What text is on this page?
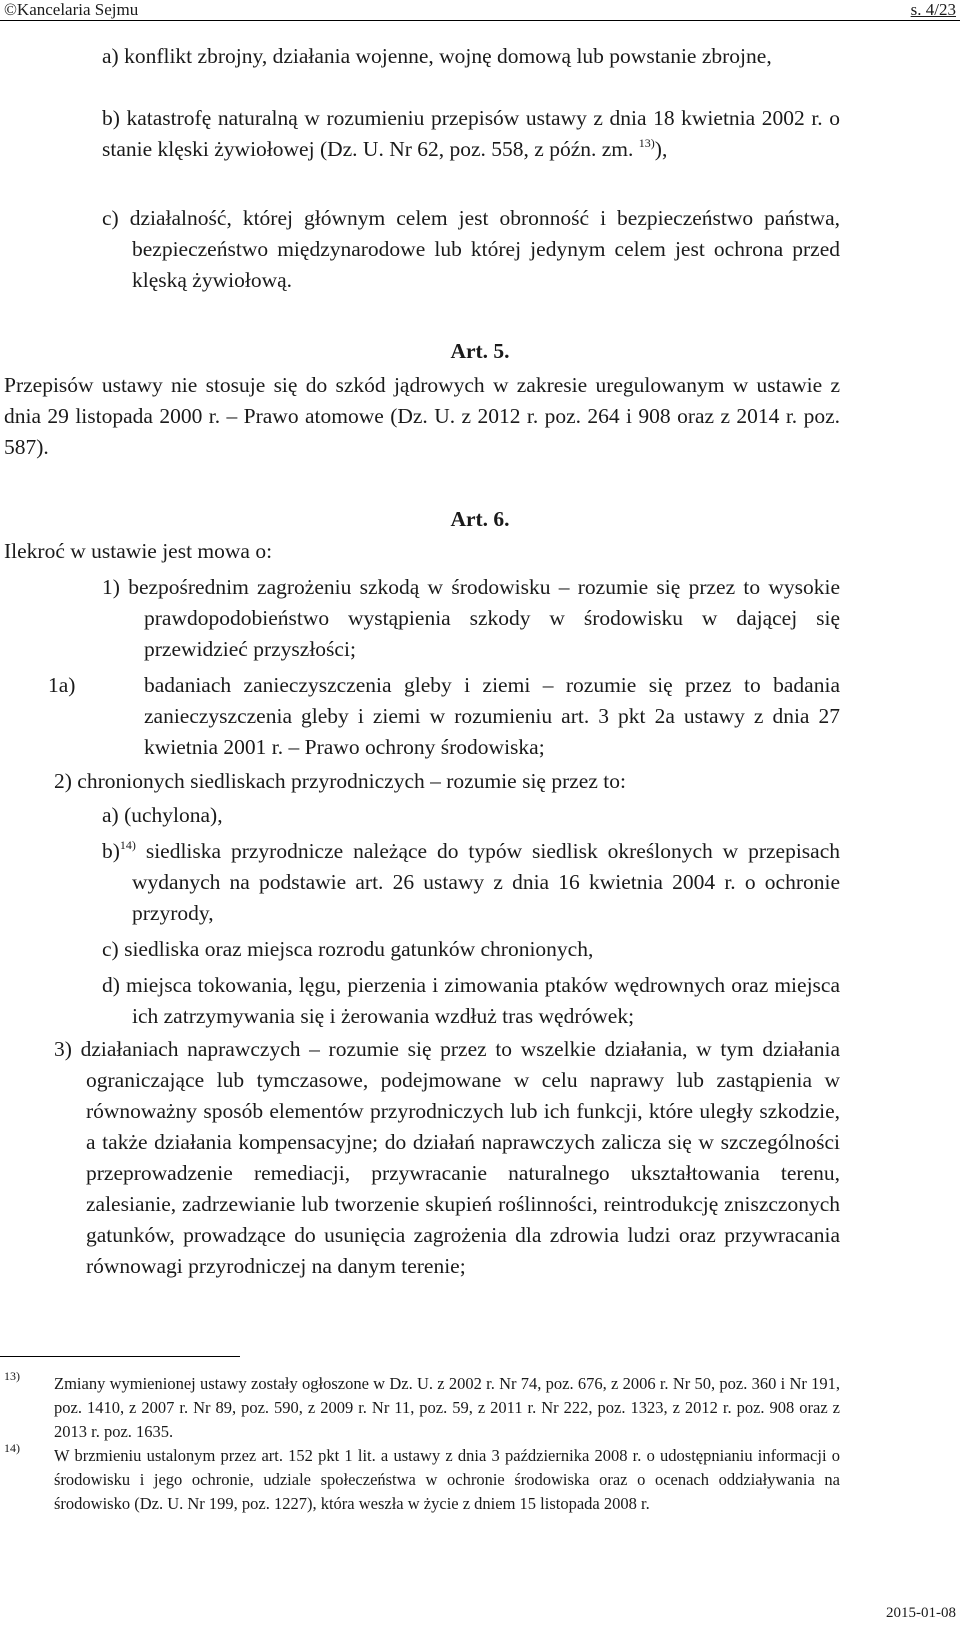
©Kancelaria Sejmu	s. 4/23
a) konflikt zbrojny, działania wojenne, wojnę domową lub powstanie zbrojne,
b) katastrofę naturalną w rozumieniu przepisów ustawy z dnia 18 kwietnia 2002 r. o stanie klęski żywiołowej (Dz. U. Nr 62, poz. 558, z późn. zm. $^{13)}$),
c) działalność, której głównym celem jest obronność i bezpieczeństwo państwa, bezpieczeństwo międzynarodowe lub której jedynym celem jest ochrona przed klęską żywiołową.
Art. 5.
Przepisów ustawy nie stosuje się do szkód jądrowych w zakresie uregulowanym w ustawie z dnia 29 listopada 2000 r. – Prawo atomowe (Dz. U. z 2012 r. poz. 264 i 908 oraz z 2014 r. poz. 587).
Art. 6.
Ilekroć w ustawie jest mowa o:
1) bezpośrednim zagrożeniu szkodą w środowisku – rozumie się przez to wysokie prawdopodobieństwo wystąpienia szkody w środowisku w dającej się przewidzieć przyszłości;
1a)	badaniach zanieczyszczenia gleby i ziemi – rozumie się przez to badania zanieczyszczenia gleby i ziemi w rozumieniu art. 3 pkt 2a ustawy z dnia 27 kwietnia 2001 r. – Prawo ochrony środowiska;
2) chronionych siedliskach przyrodniczych – rozumie się przez to:
a) (uchylona),
b)$^{14)}$ siedliska przyrodnicze należące do typów siedlisk określonych w przepisach wydanych na podstawie art. 26 ustawy z dnia 16 kwietnia 2004 r. o ochronie przyrody,
c) siedliska oraz miejsca rozrodu gatunków chronionych,
d) miejsca tokowania, lęgu, pierzenia i zimowania ptaków wędrownych oraz miejsca ich zatrzymywania się i żerowania wzdłuż tras wędrówek;
3) działaniach naprawczych – rozumie się przez to wszelkie działania, w tym działania ograniczające lub tymczasowe, podejmowane w celu naprawy lub zastąpienia w równoważny sposób elementów przyrodniczych lub ich funkcji, które uległy szkodzie, a także działania kompensacyjne; do działań naprawczych zalicza się w szczególności przeprowadzenie remediacji, przywracanie naturalnego ukształtowania terenu, zalesianie, zadrzewianie lub tworzenie skupień roślinności, reintrodukcję zniszczonych gatunków, prowadzące do usunięcia zagrożenia dla zdrowia ludzi oraz przywracania równowagi przyrodniczej na danym terenie;
13) Zmiany wymienionej ustawy zostały ogłoszone w Dz. U. z 2002 r. Nr 74, poz. 676, z 2006 r. Nr 50, poz. 360 i Nr 191, poz. 1410, z 2007 r. Nr 89, poz. 590, z 2009 r. Nr 11, poz. 59, z 2011 r. Nr 222, poz. 1323, z 2012 r. poz. 908 oraz z 2013 r. poz. 1635.
14) W brzmieniu ustalonym przez art. 152 pkt 1 lit. a ustawy z dnia 3 października 2008 r. o udostępnianiu informacji o środowisku i jego ochronie, udziale społeczeństwa w ochronie środowiska oraz o ocenach oddziaływania na środowisko (Dz. U. Nr 199, poz. 1227), która weszła w życie z dniem 15 listopada 2008 r.
2015-01-08
